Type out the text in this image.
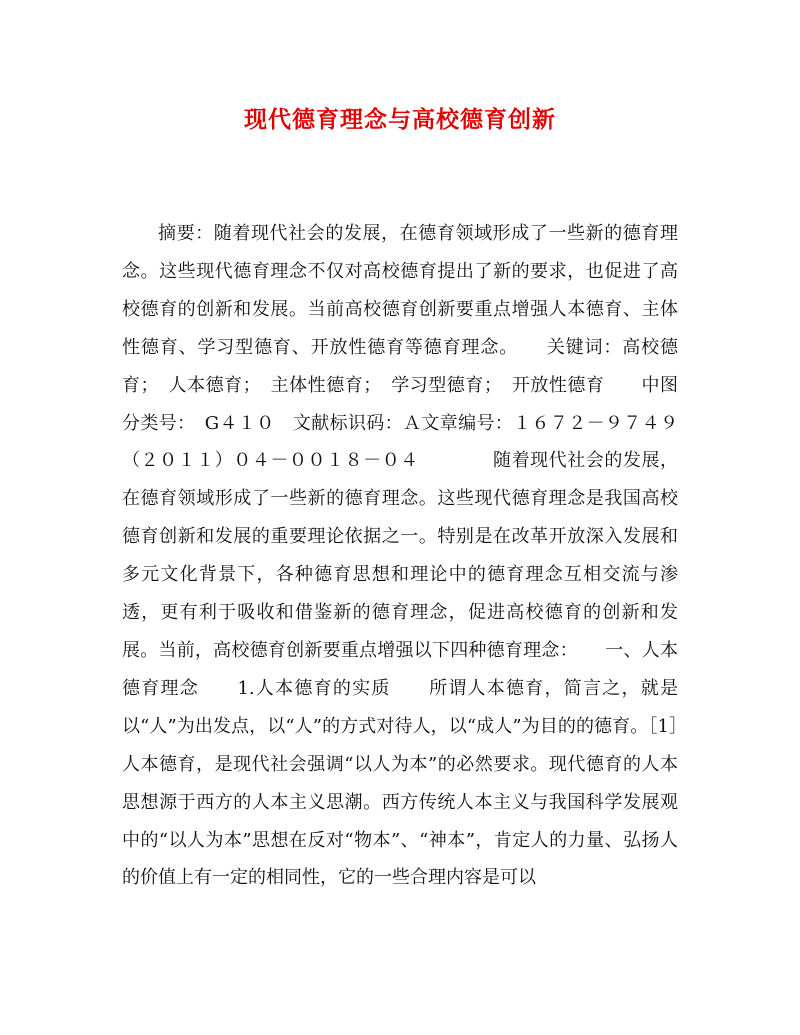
现代德育理念与高校德育创新

摘要：随着现代社会的发展，在德育领域形成了一些新的德育理念。这些现代德育理念不仅对高校德育提出了新的要求，也促进了高校德育的创新和发展。当前高校德育创新要重点增强人本德育、主体性德育、学习型德育、开放性德育等德育理念。　　关键词：高校德育；　人本德育；　主体性德育；　学习型德育；　开放性德育　　中图分类号：　G４１０　文献标识码：Ａ文章编号：１６７２－９７４９（２０１１）０４－００１８－０４　　　　随着现代社会的发展，在德育领域形成了一些新的德育理念。这些现代德育理念是我国高校德育创新和发展的重要理论依据之一。特别是在改革开放深入发展和多元文化背景下，各种德育思想和理论中的德育理念互相交流与渗透，更有利于吸收和借鉴新的德育理念，促进高校德育的创新和发展。当前，高校德育创新要重点增强以下四种德育理念：　　一、人本德育理念　　1.人本德育的实质　　所谓人本德育，简言之，就是以“人”为出发点，以“人”的方式对待人，以“成人”为目的的德育。［1］人本德育，是现代社会强调“以人为本”的必然要求。现代德育的人本思想源于西方的人本主义思潮。西方传统人本主义与我国科学发展观中的“以人为本”思想在反对“物本”、“神本”，肯定人的力量、弘扬人的价值上有一定的相同性，它的一些合理内容是可以
